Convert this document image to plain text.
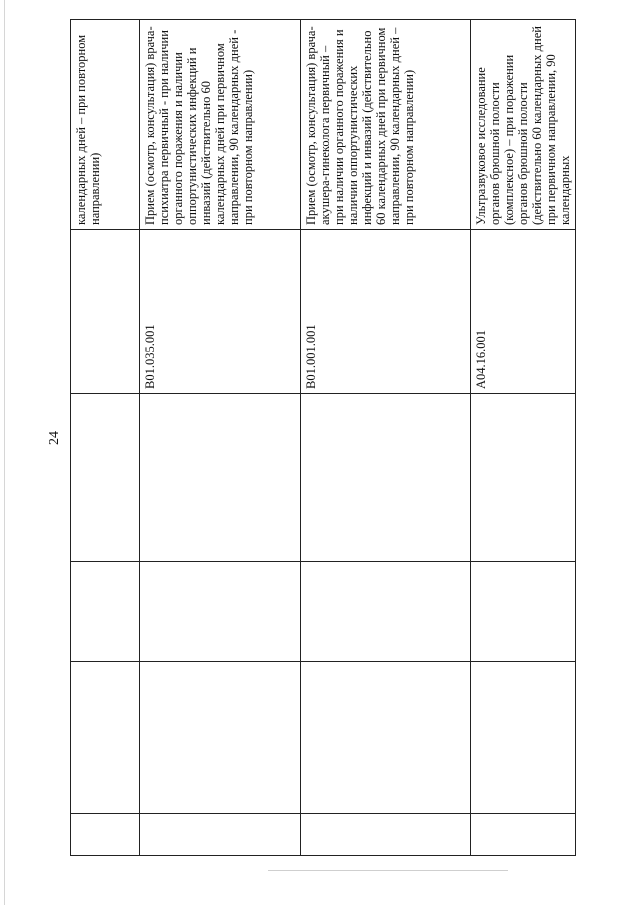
24
					календарных дней – при повторном направлении)
				В01.035.001	Прием (осмотр, консультация) врача-психиатра первичный - при наличии органного поражения и наличии оппортунистических инфекций и инвазий (действительно 60 календарных дней при первичном направлении, 90 календарных дней - при повторном направлении)
				В01.001.001	Прием (осмотр, консультация) врача-акушера-гинеколога первичный – при наличии органного поражения и наличии оппортунистических инфекций и инвазий (действительно 60 календарных дней при первичном направлении, 90 календарных дней – при повторном направлении)
				А04.16.001	Ультразвуковое исследование органов брюшной полости (комплексное) – при поражении органов брюшной полости (действительно 60 календарных дней при первичном направлении, 90 календарных
